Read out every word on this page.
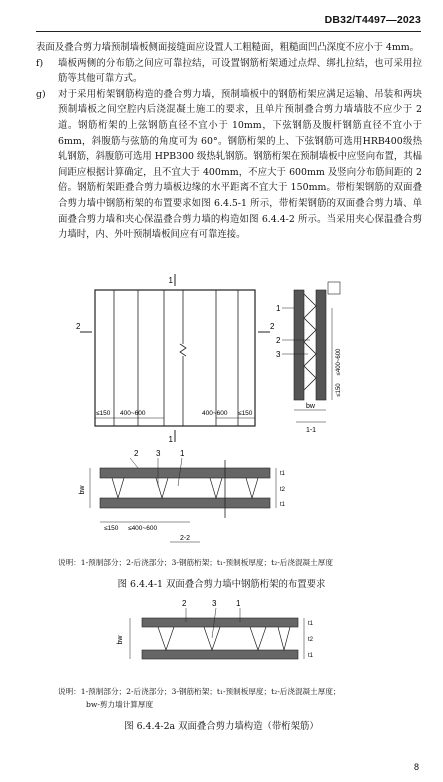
DB32/T4497—2023

表面及叠合剪力墙预制墙板侧面接缝面应设置人工粗糙面，粗糙面凹凸深度不应小于 4mm。

f)	墙板两侧的分布筋之间应可靠拉结，可设置钢筋桁架通过点焊、绑扎拉结，也可采用拉筋等其他可靠方式。
g)	对于采用桁架钢筋构造的叠合剪力墙，预制墙板中的钢筋桁架应满足运输、吊装和两块预制墙板之间空腔内后浇混凝土施工的要求，且单片预制叠合剪力墙墙肢不应少于 2 道。钢筋桁架的上弦钢筋直径不宜小于 10mm，下弦钢筋及腹杆钢筋直径不宜小于 6mm，斜腹筋与弦筋的角度可为 60°。钢筋桁架的上、下弦钢筋可选用HRB400级热轧钢筋，斜腹筋可选用 HPB300 级热轧钢筋。钢筋桁架在预制墙板中应竖向布置，其榀间距应根据计算确定，且不宜大于 400mm，不应大于 600mm 及竖向分布筋间距的 2 倍。钢筋桁架距叠合剪力墙板边缘的水平距离不宜大于 150mm。带桁架钢筋的双面叠合剪力墙中钢筋桁架的布置要求如图 6.4.5-1 所示，带桁架钢筋的双面叠合剪力墙、单面叠合剪力墙和夹心保温叠合剪力墙的构造如图 6.4.4-2 所示。当采用夹心保温叠合剪力墙时，内、外叶预制墙板间应有可靠连接。
1
1
2	2
≤150 400~600	400~600 ≤150
1
2
3	≤400~600
≤150
bw
1-1
2 3 1
bw
t1
t2
t1
≤150 ≤400~600
2-2
说明：1-预制部分；2-后浇部分；3-钢筋桁架；t₁-预制板厚度；t₂-后浇混凝土厚度
图 6.4.4-1 双面叠合剪力墙中钢筋桁架的布置要求
2	3 1
bw
t1
t2
t1
说明：1-预制部分；2-后浇部分；3-钢筋桁架；t₁-预制板厚度；t₂-后浇混凝土厚度；
bw-剪力墙计算厚度
图 6.4.4-2a 双面叠合剪力墙构造（带桁架筋）
8
